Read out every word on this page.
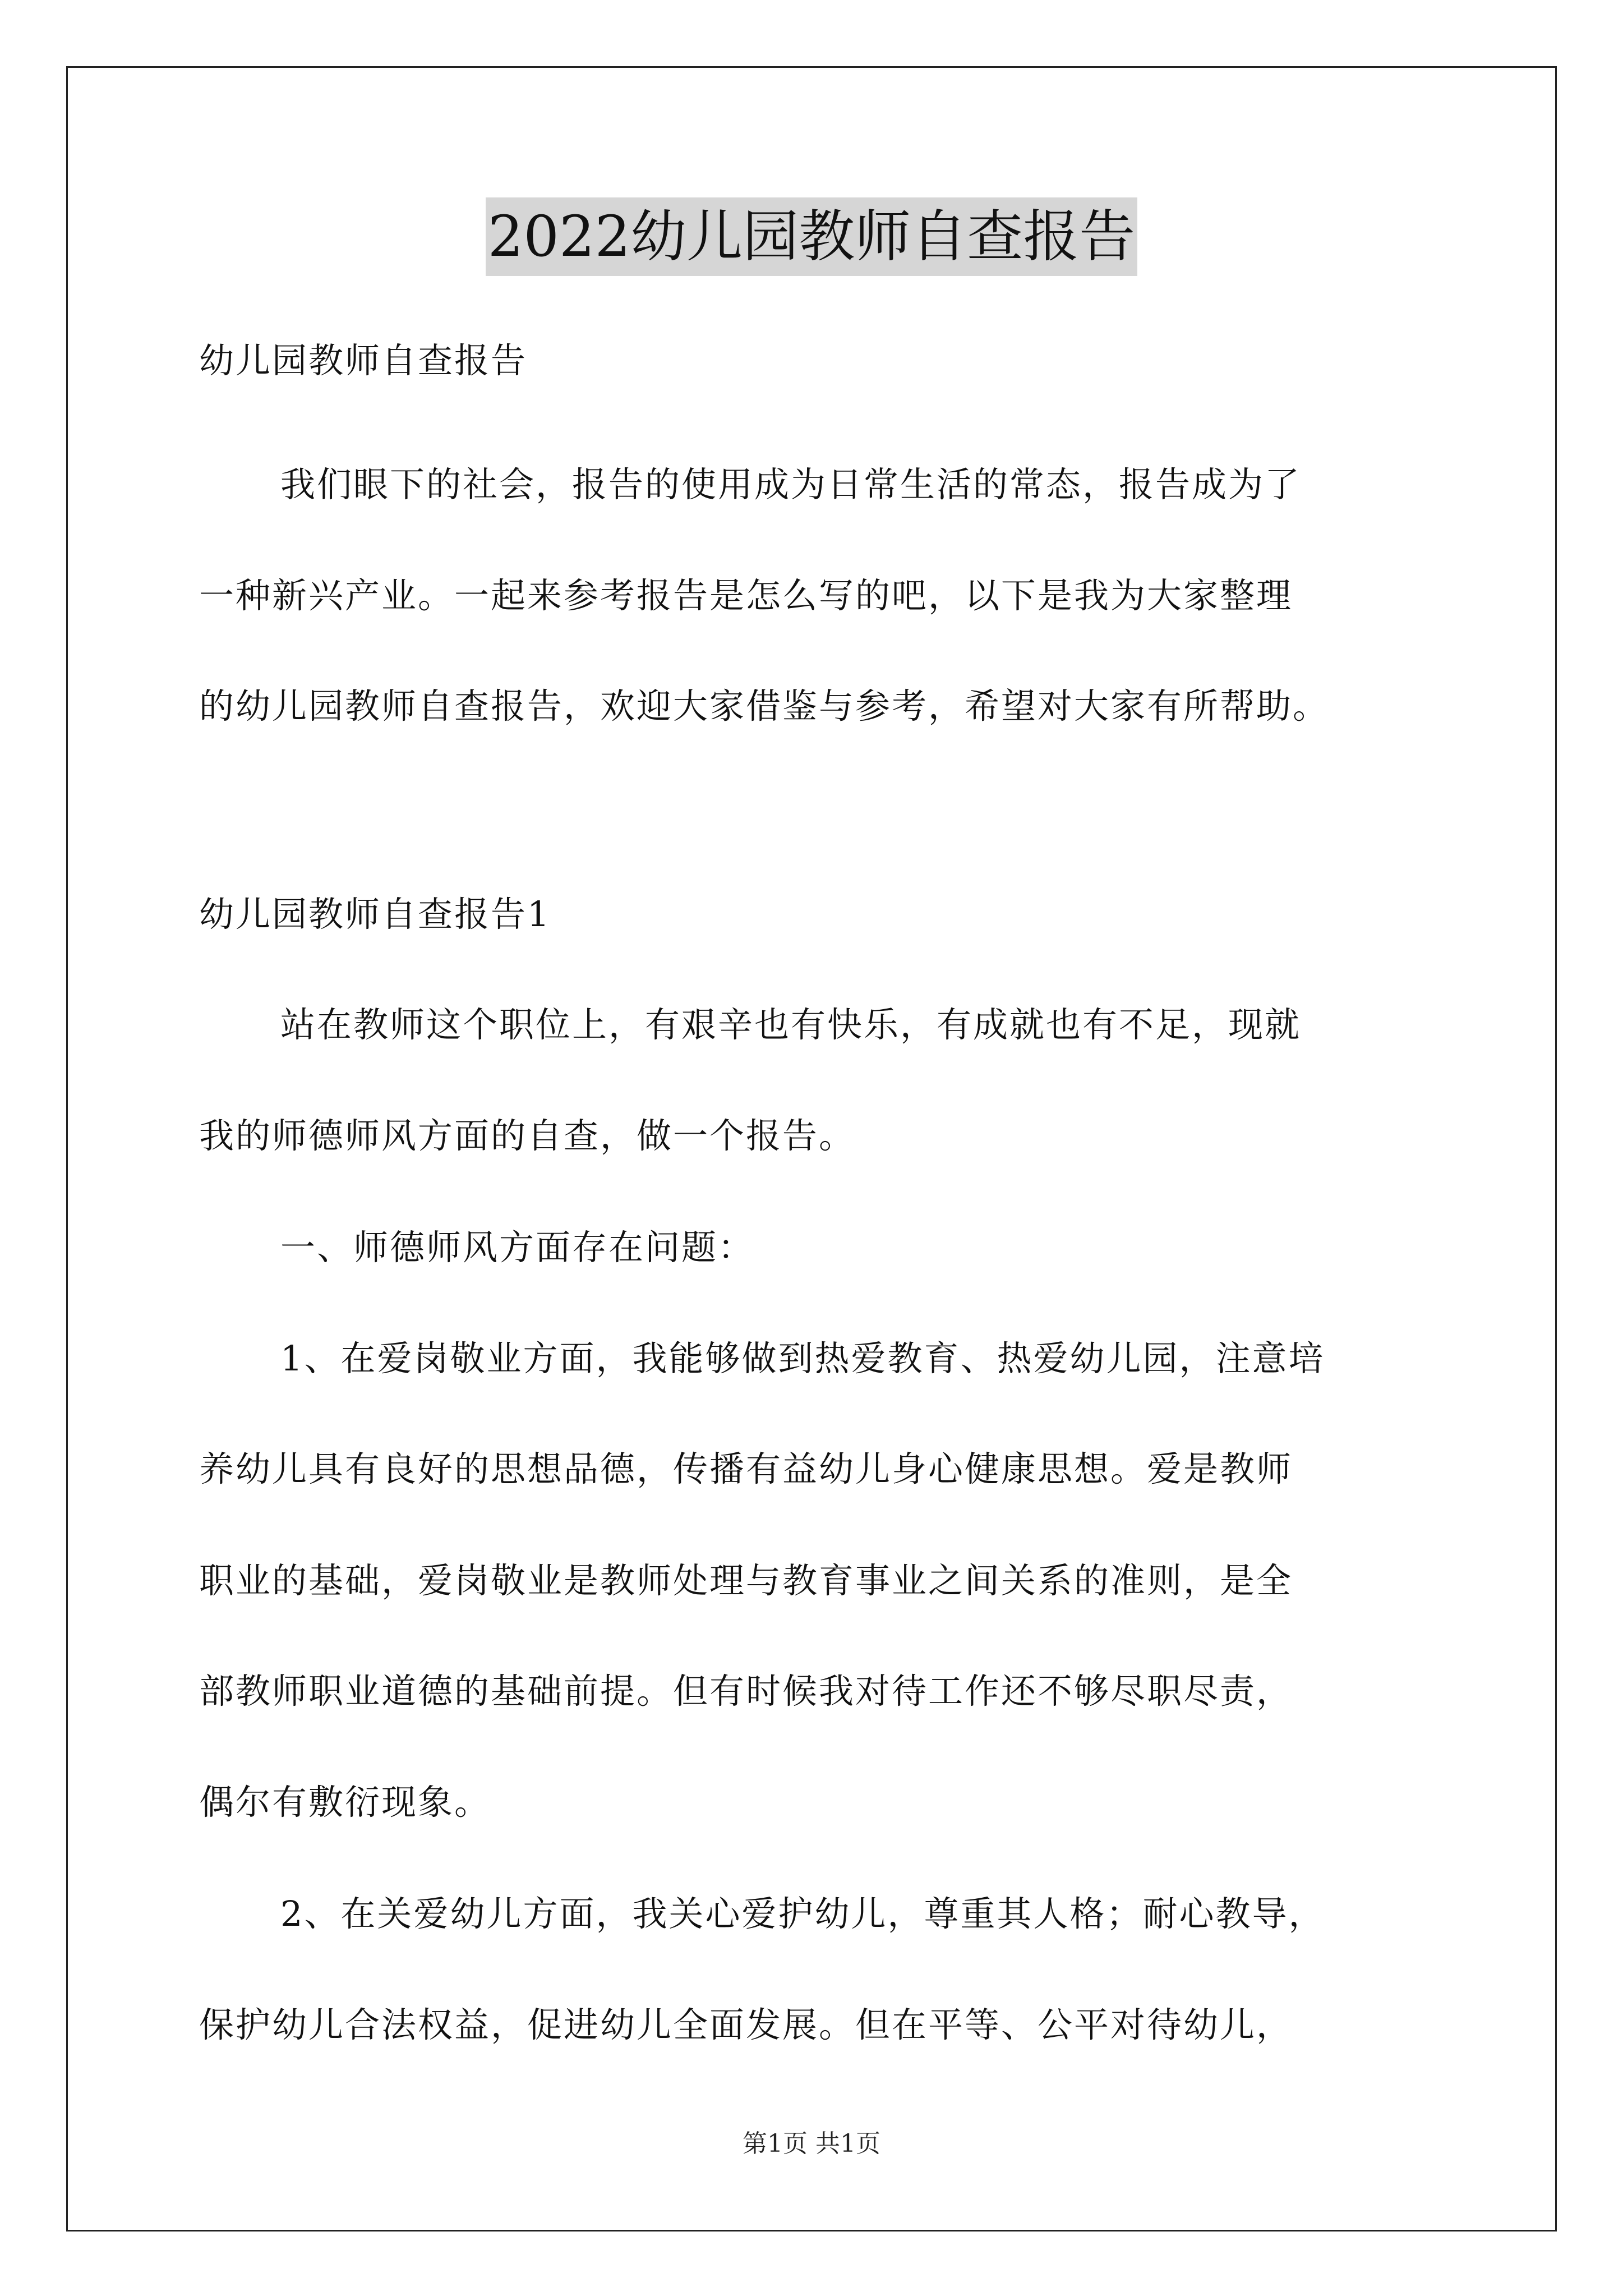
2022幼儿园教师自查报告
幼儿园教师自查报告
我们眼下的社会，报告的使用成为日常生活的常态，报告成为了
一种新兴产业。一起来参考报告是怎么写的吧，以下是我为大家整理
的幼儿园教师自查报告，欢迎大家借鉴与参考，希望对大家有所帮助。
幼儿园教师自查报告1
站在教师这个职位上，有艰辛也有快乐，有成就也有不足，现就
我的师德师风方面的自查，做一个报告。
一、师德师风方面存在问题：
1、在爱岗敬业方面，我能够做到热爱教育、热爱幼儿园，注意培
养幼儿具有良好的思想品德，传播有益幼儿身心健康思想。爱是教师
职业的基础，爱岗敬业是教师处理与教育事业之间关系的准则，是全
部教师职业道德的基础前提。但有时候我对待工作还不够尽职尽责，
偶尔有敷衍现象。
2、在关爱幼儿方面，我关心爱护幼儿，尊重其人格；耐心教导，
保护幼儿合法权益，促进幼儿全面发展。但在平等、公平对待幼儿，
第1页 共1页
